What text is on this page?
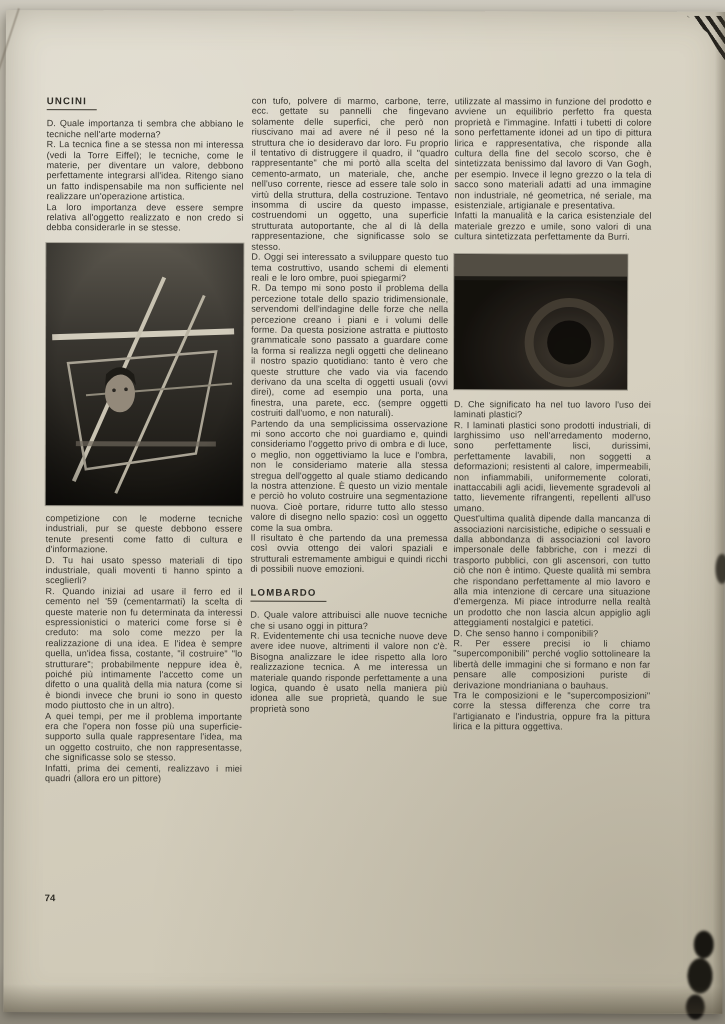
UNCINI

D. Quale importanza ti sembra che abbiano le tecniche nell'arte moderna?

R. La tecnica fine a se stessa non mi interessa (vedi la Torre Eiffel); le tecniche, come le materie, per diventare un valore, debbono perfettamente integrarsi all'idea. Ritengo siano un fatto indispensabile ma non sufficiente nel realizzare un'operazione artistica.

La loro importanza deve essere sempre relativa all'oggetto realizzato e non credo si debba considerarle in se stesse.

competizione con le moderne tecniche industriali, pur se queste debbono essere tenute presenti come fatto di cultura e d'informazione.

D. Tu hai usato spesso materiali di tipo industriale, quali moventi ti hanno spinto a sceglierli?

R. Quando iniziai ad usare il ferro ed il cemento nel '59 (cementarmati) la scelta di queste materie non fu determinata da interessi espressionistici o materici come forse si è creduto: ma solo come mezzo per la realizzazione di una idea. E l'idea è sempre quella, un'idea fissa, costante, "il costruire" "lo strutturare"; probabilmente neppure idea è, poiché più intimamente l'accetto come un difetto o una qualità della mia natura (come si è biondi invece che bruni io sono in questo modo piuttosto che in un altro).

A quei tempi, per me il problema importante era che l'opera non fosse più una superficie-supporto sulla quale rappresentare l'idea, ma un oggetto costruito, che non rappresentasse, che significasse solo se stesso.

Infatti, prima dei cementi, realizzavo i miei quadri (allora ero un pittore)

con tufo, polvere di marmo, carbone, terre, ecc. gettate su pannelli che fingevano solamente delle superfici, che però non riuscivano mai ad avere né il peso né la struttura che io desideravo dar loro. Fu proprio il tentativo di distruggere il quadro, il "quadro rappresentante" che mi portò alla scelta del cemento-armato, un materiale, che, anche nell'uso corrente, riesce ad essere tale solo in virtù della struttura, della costruzione. Tentavo insomma di uscire da questo impasse, costruendomi un oggetto, una superficie strutturata autoportante, che al di là della rappresentazione, che significasse solo se stesso.

D. Oggi sei interessato a sviluppare questo tuo tema costruttivo, usando schemi di elementi reali e le loro ombre, puoi spiegarmi?

R. Da tempo mi sono posto il problema della percezione totale dello spazio tridimensionale, servendomi dell'indagine delle forze che nella percezione creano i piani e i volumi delle forme. Da questa posizione astratta e piuttosto grammaticale sono passato a guardare come la forma si realizza negli oggetti che delineano il nostro spazio quotidiano: tanto è vero che queste strutture che vado via via facendo derivano da una scelta di oggetti usuali (ovvi direi), come ad esempio una porta, una finestra, una parete, ecc. (sempre oggetti costruiti dall'uomo, e non naturali).

Partendo da una semplicissima osservazione mi sono accorto che noi guardiamo e, quindi consideriamo l'oggetto privo di ombra e di luce, o meglio, non oggettiviamo la luce e l'ombra, non le consideriamo materie alla stessa stregua dell'oggetto al quale stiamo dedicando la nostra attenzione. È questo un vizio mentale e perciò ho voluto costruire una segmentazione nuova. Cioè portare, ridurre tutto allo stesso valore di disegno nello spazio: così un oggetto come la sua ombra.

Il risultato è che partendo da una premessa così ovvia ottengo dei valori spaziali e strutturali estremamente ambigui e quindi ricchi di possibili nuove emozioni.

LOMBARDO

D. Quale valore attribuisci alle nuove tecniche che si usano oggi in pittura?

R. Evidentemente chi usa tecniche nuove deve avere idee nuove, altrimenti il valore non c'è. Bisogna analizzare le idee rispetto alla loro realizzazione tecnica. A me interessa un materiale quando risponde perfettamente a una logica, quando è usato nella maniera più idonea alle sue proprietà, quando le sue proprietà sono

utilizzate al massimo in funzione del prodotto e avviene un equilibrio perfetto fra questa proprietà e l'immagine. Infatti i tubetti di colore sono perfettamente idonei ad un tipo di pittura lirica e rappresentativa, che risponde alla cultura della fine del secolo scorso, che è sintetizzata benissimo dal lavoro di Van Gogh, per esempio. Invece il legno grezzo o la tela di sacco sono materiali adatti ad una immagine non industriale, né geometrica, né seriale, ma esistenziale, artigianale e presentativa.

Infatti la manualità e la carica esistenziale del materiale grezzo e umile, sono valori di una cultura sintetizzata perfettamente da Burri.

D. Che significato ha nel tuo lavoro l'uso dei laminati plastici?

R. I laminati plastici sono prodotti industriali, di larghissimo uso nell'arredamento moderno, sono perfettamente lisci, durissimi, perfettamente lavabili, non soggetti a deformazioni; resistenti al calore, impermeabili, non infiammabili, uniformemente colorati, inattaccabili agli acidi, lievemente sgradevoli al tatto, lievemente rifrangenti, repellenti all'uso umano.

Quest'ultima qualità dipende dalla mancanza di associazioni narcisistiche, edipiche o sessuali e dalla abbondanza di associazioni col lavoro impersonale delle fabbriche, con i mezzi di trasporto pubblici, con gli ascensori, con tutto ciò che non è intimo. Queste qualità mi sembra che rispondano perfettamente al mio lavoro e alla mia intenzione di cercare una situazione d'emergenza. Mi piace introdurre nella realtà un prodotto che non lascia alcun appiglio agli atteggiamenti nostalgici e patetici.

D. Che senso hanno i componibili?

R. Per essere precisi io li chiamo "supercomponibili" perché voglio sottolineare la libertà delle immagini che si formano e non far pensare alle composizioni puriste di derivazione mondrianiana o bauhaus.

Tra le composizioni e le "supercomposizioni" corre la stessa differenza che corre tra l'artigianato e l'industria, oppure fra la pittura lirica e la pittura oggettiva.

74
